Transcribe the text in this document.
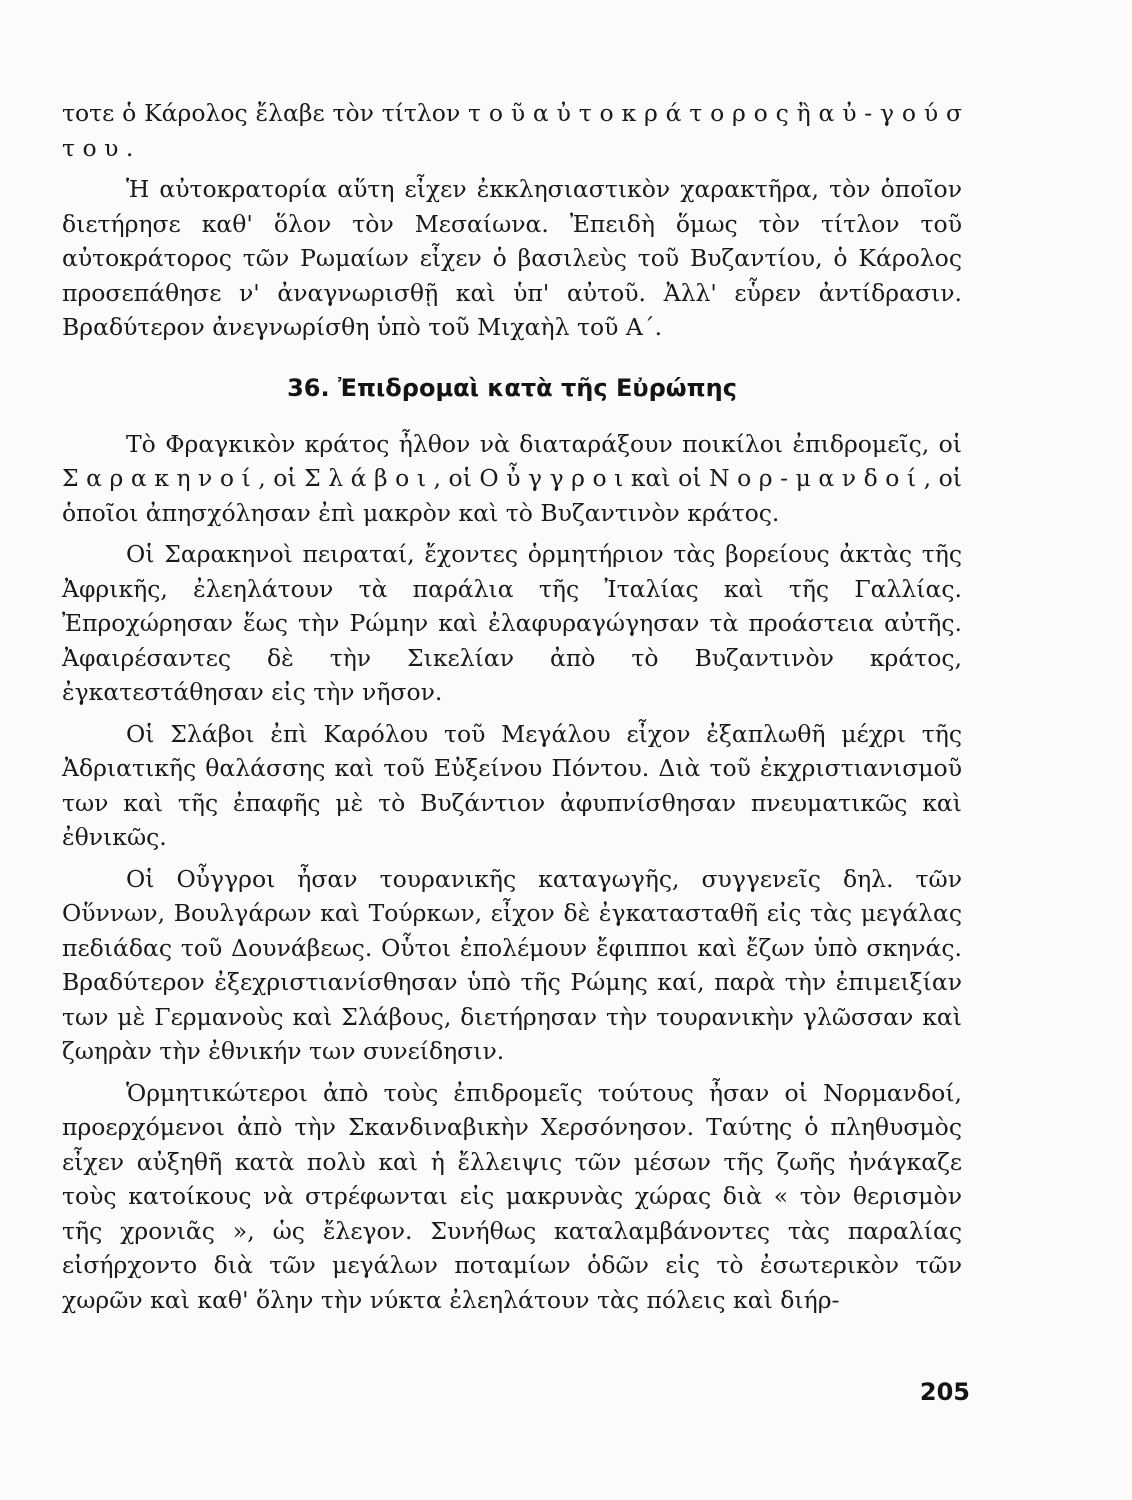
τοτε ὁ Κάρολος ἔλαβε τὸν τίτλον τ ο ῦ α ὐ τ ο κ ρ ά τ ο ρ ο ς ἢ α ὐ - γ ο ύ σ τ ο υ .

Ἡ αὐτοκρατορία αὕτη εἶχεν ἐκκλησιαστικὸν χαρακτῆρα, τὸν ὁποῖον διετήρησε καθ' ὅλον τὸν Μεσαίωνα. Ἐπειδὴ ὅμως τὸν τίτλον τοῦ αὐτοκράτορος τῶν Ρωμαίων εἶχεν ὁ βασιλεὺς τοῦ Βυζαντίου, ὁ Κάρολος προσεπάθησε ν' ἀναγνωρισθῇ καὶ ὑπ' αὐτοῦ. Ἀλλ' εὗρεν ἀντίδρασιν. Βραδύτερον ἀνεγνωρίσθη ὑπὸ τοῦ Μιχαὴλ τοῦ Α΄.

36. Ἐπιδρομαὶ κατὰ τῆς Εὐρώπης

Τὸ Φραγκικὸν κράτος ἦλθον νὰ διαταράξουν ποικίλοι ἐπιδρομεῖς, οἱ Σ α ρ α κ η ν ο ί , οἱ Σ λ ά β ο ι , οἱ Ο ὖ γ γ ρ ο ι καὶ οἱ Ν ο ρ - μ α ν δ ο ί , οἱ ὁποῖοι ἀπησχόλησαν ἐπὶ μακρὸν καὶ τὸ Βυζαντινὸν κράτος.

Οἱ Σαρακηνοὶ πειραταί, ἔχοντες ὁρμητήριον τὰς βορείους ἀκτὰς τῆς Ἀφρικῆς, ἐλεηλάτουν τὰ παράλια τῆς Ἰταλίας καὶ τῆς Γαλλίας. Ἐπροχώρησαν ἕως τὴν Ρώμην καὶ ἐλαφυραγώγησαν τὰ προάστεια αὐτῆς. Ἀφαιρέσαντες δὲ τὴν Σικελίαν ἀπὸ τὸ Βυζαντινὸν κράτος, ἐγκατεστάθησαν εἰς τὴν νῆσον.

Οἱ Σλάβοι ἐπὶ Καρόλου τοῦ Μεγάλου εἶχον ἐξαπλωθῆ μέχρι τῆς Ἀδριατικῆς θαλάσσης καὶ τοῦ Εὐξείνου Πόντου. Διὰ τοῦ ἐκχριστιανισμοῦ των καὶ τῆς ἐπαφῆς μὲ τὸ Βυζάντιον ἀφυπνίσθησαν πνευματικῶς καὶ ἐθνικῶς.

Οἱ Οὖγγροι ἦσαν τουρανικῆς καταγωγῆς, συγγενεῖς δηλ. τῶν Οὕννων, Βουλγάρων καὶ Τούρκων, εἶχον δὲ ἐγκατασταθῆ εἰς τὰς μεγάλας πεδιάδας τοῦ Δουνάβεως. Οὗτοι ἐπολέμουν ἔφιπποι καὶ ἔζων ὑπὸ σκηνάς. Βραδύτερον ἐξεχριστιανίσθησαν ὑπὸ τῆς Ρώμης καί, παρὰ τὴν ἐπιμειξίαν των μὲ Γερμανοὺς καὶ Σλάβους, διετήρησαν τὴν τουρανικὴν γλῶσσαν καὶ ζωηρὰν τὴν ἐθνικήν των συνείδησιν.

Ὁρμητικώτεροι ἀπὸ τοὺς ἐπιδρομεῖς τούτους ἦσαν οἱ Νορμανδοί, προερχόμενοι ἀπὸ τὴν Σκανδιναβικὴν Χερσόνησον. Ταύτης ὁ πληθυσμὸς εἶχεν αὐξηθῆ κατὰ πολὺ καὶ ἡ ἔλλειψις τῶν μέσων τῆς ζωῆς ἠνάγκαζε τοὺς κατοίκους νὰ στρέφωνται εἰς μακρυνὰς χώρας διὰ « τὸν θερισμὸν τῆς χρονιᾶς », ὡς ἔλεγον. Συνήθως καταλαμβάνοντες τὰς παραλίας εἰσήρχοντο διὰ τῶν μεγάλων ποταμίων ὁδῶν εἰς τὸ ἐσωτερικὸν τῶν χωρῶν καὶ καθ' ὅλην τὴν νύκτα ἐλεηλάτουν τὰς πόλεις καὶ διήρ-

205
